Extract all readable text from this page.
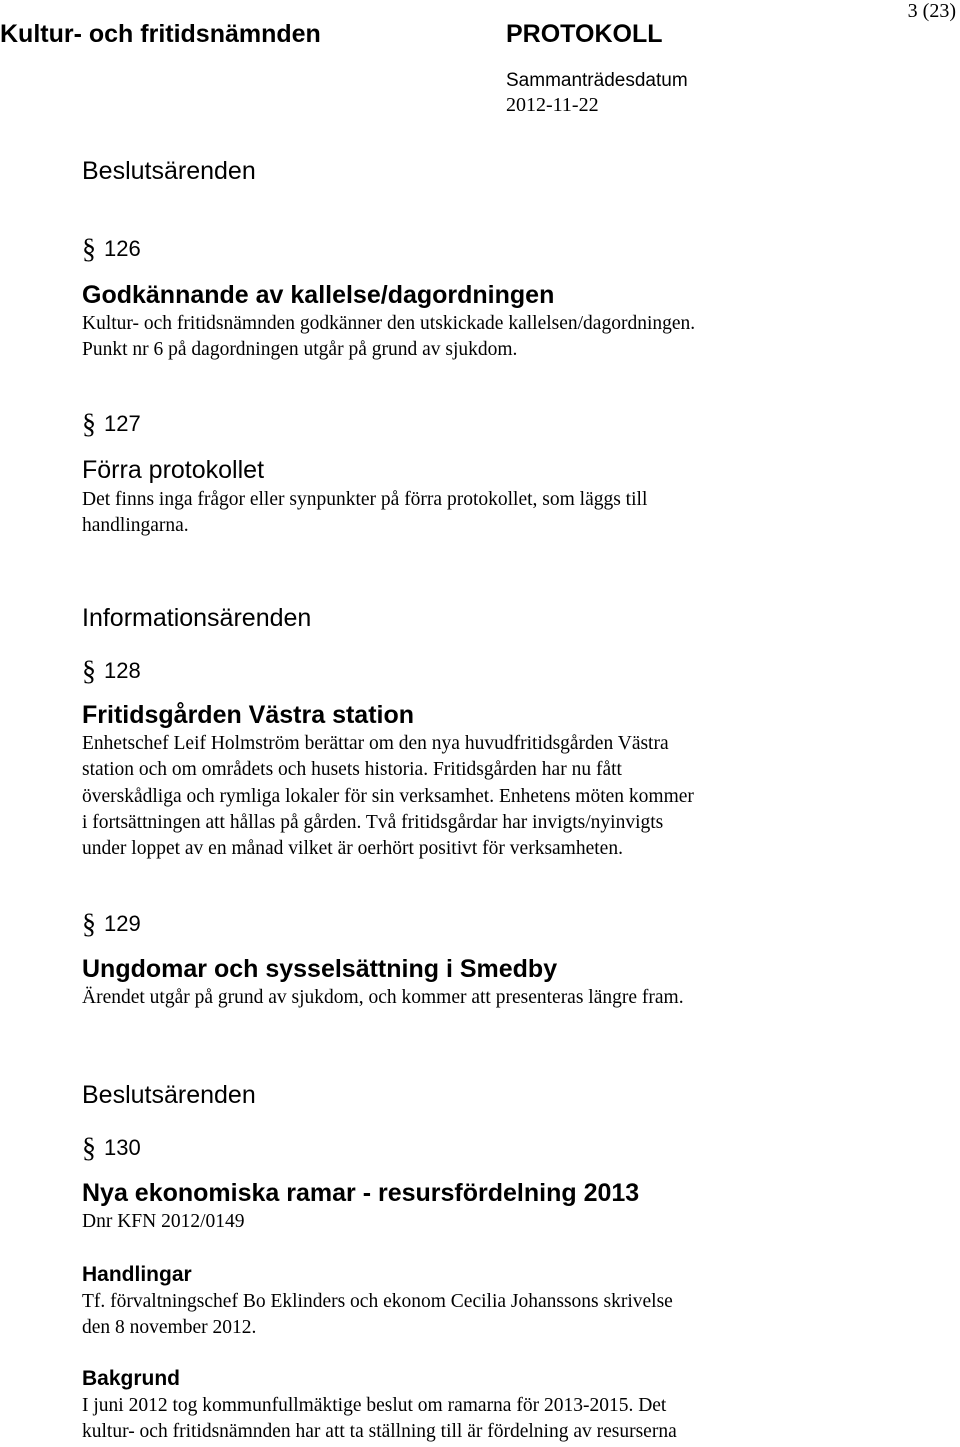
Kultur- och fritidsnämnden	PROTOKOLL
Sammanträdesdatum
2012-11-22
3 (23)
Beslutsärenden
§ 126
Godkännande av kallelse/dagordningen
Kultur- och fritidsnämnden godkänner den utskickade kallelsen/dagordningen.
Punkt nr 6 på dagordningen utgår på grund av sjukdom.
§ 127
Förra protokollet
Det finns inga frågor eller synpunkter på förra protokollet, som läggs till
handlingarna.
Informationsärenden
§ 128
Fritidsgården Västra station
Enhetschef Leif Holmström berättar om den nya huvudfritidsgården Västra
station och om områdets och husets historia. Fritidsgården har nu fått
överskådliga och rymliga lokaler för sin verksamhet. Enhetens möten kommer
i fortsättningen att hållas på gården. Två fritidsgårdar har invigts/nyinvigts
under loppet av en månad vilket är oerhört positivt för verksamheten.
§ 129
Ungdomar och sysselsättning i Smedby
Ärendet utgår på grund av sjukdom, och kommer att presenteras längre fram.
Beslutsärenden
§ 130
Nya ekonomiska ramar - resursfördelning 2013
Dnr KFN 2012/0149
Handlingar
Tf. förvaltningschef Bo Eklinders och ekonom Cecilia Johanssons skrivelse
den 8 november 2012.
Bakgrund
I juni 2012 tog kommunfullmäktige beslut om ramarna för 2013-2015. Det
kultur- och fritidsnämnden har att ta ställning till är fördelning av resurserna
